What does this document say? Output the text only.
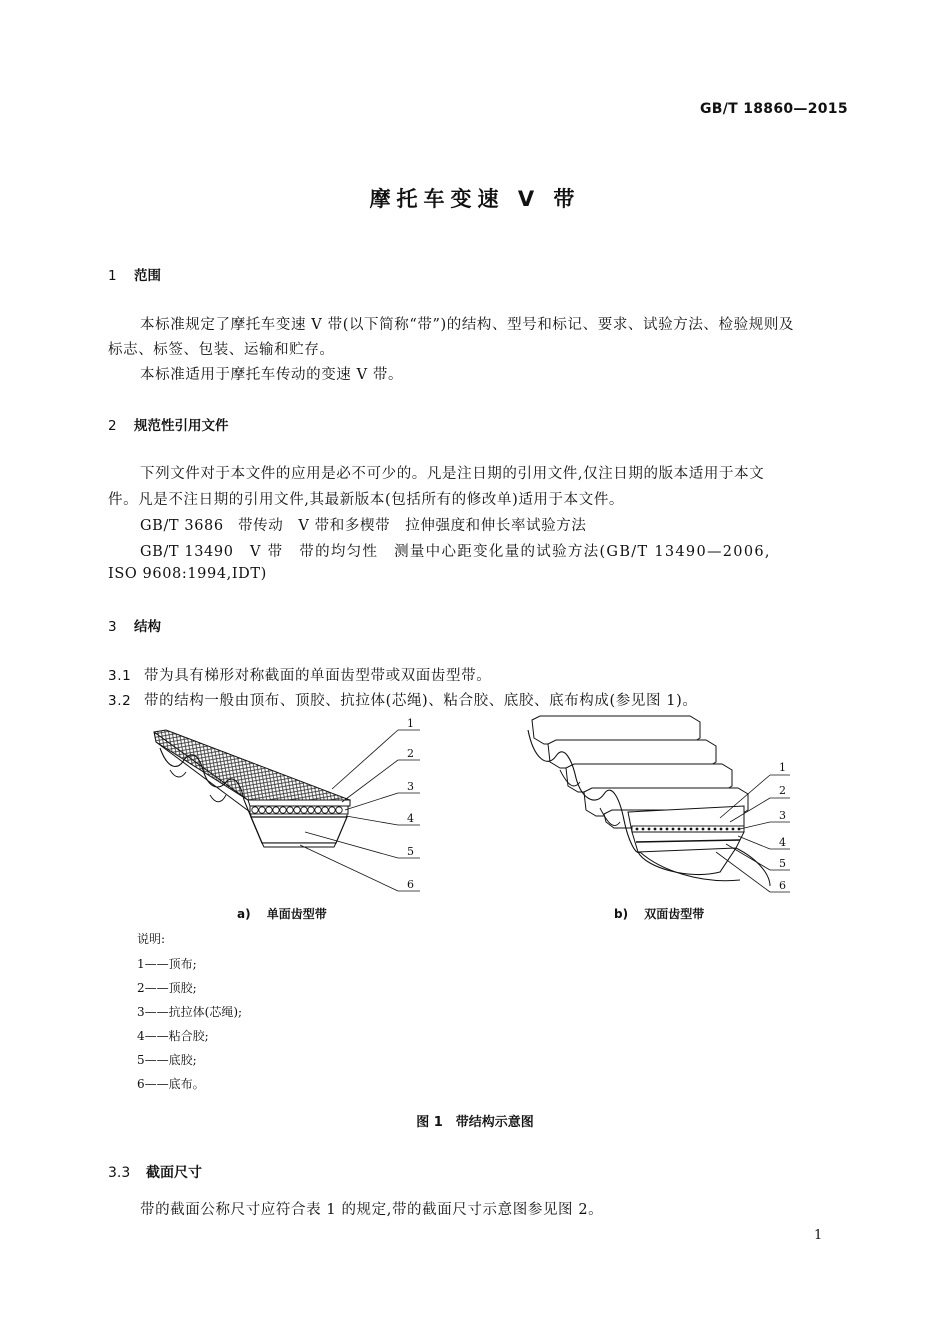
GB/T 18860—2015
摩托车变速 V 带
1 范围
本标准规定了摩托车变速 V 带(以下简称“带”)的结构、型号和标记、要求、试验方法、检验规则及
标志、标签、包装、运输和贮存。
本标准适用于摩托车传动的变速 V 带。
2 规范性引用文件
下列文件对于本文件的应用是必不可少的。凡是注日期的引用文件,仅注日期的版本适用于本文
件。凡是不注日期的引用文件,其最新版本(包括所有的修改单)适用于本文件。
GB/T 3686 带传动　V 带和多楔带　拉伸强度和伸长率试验方法
GB/T 13490 V 带　带的均匀性　测量中心距变化量的试验方法(GB/T 13490—2006,
ISO 9608:1994,IDT)
3 结构
3.1 带为具有梯形对称截面的单面齿型带或双面齿型带。
3.2 带的结构一般由顶布、顶胶、抗拉体(芯绳)、粘合胶、底胶、底布构成(参见图 1)。
1
2
3
4
5
6
1
2
3
4
5
6
a) 单面齿型带	b) 双面齿型带
说明:
1——顶布;
2——顶胶;
3——抗拉体(芯绳);
4——粘合胶;
5——底胶;
6——底布。
图 1　带结构示意图
3.3 截面尺寸
带的截面公称尺寸应符合表 1 的规定,带的截面尺寸示意图参见图 2。
1
